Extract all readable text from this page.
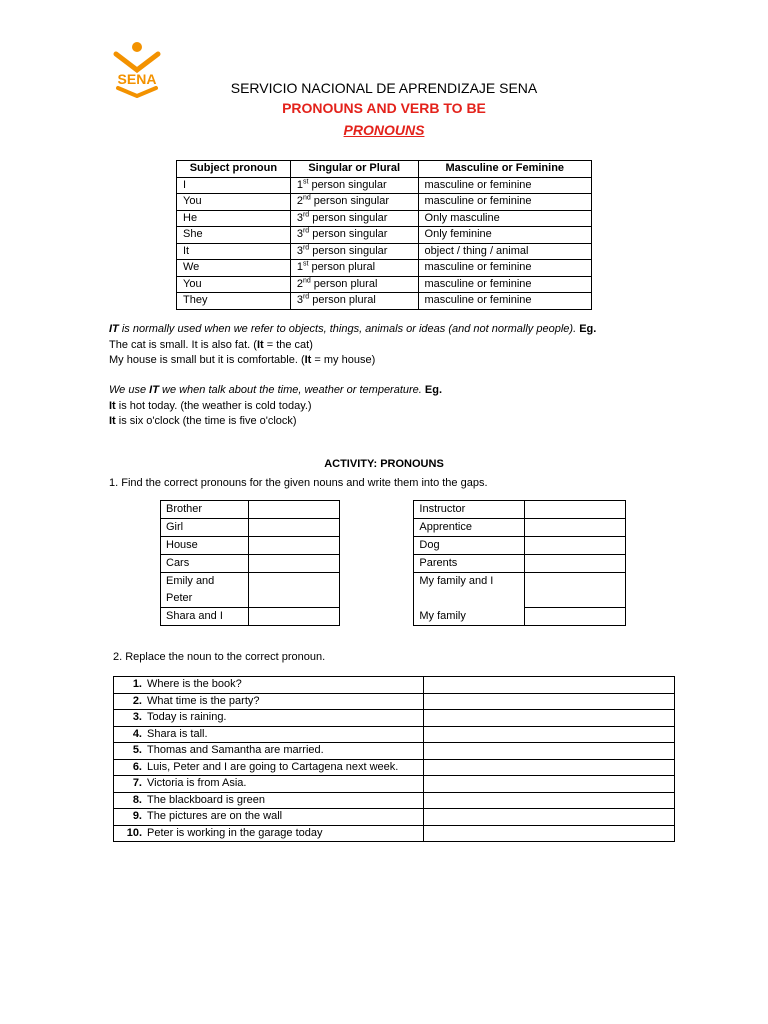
SENA
SERVICIO NACIONAL DE APRENDIZAJE SENA
PRONOUNS AND VERB TO BE
PRONOUNS
Subject pronoun	Singular or Plural	Masculine or Feminine
I	1st person singular	masculine or feminine
You	2nd person singular	masculine or feminine
He	3rd person singular	Only masculine
She	3rd person singular	Only feminine
It	3rd person singular	object / thing / animal
We	1st person plural	masculine or feminine
You	2nd person plural	masculine or feminine
They	3rd person plural	masculine or feminine
IT is normally used when we refer to objects, things, animals or ideas (and not normally people). Eg.
The cat is small. It is also fat. (It = the cat)
My house is small but it is comfortable. (It = my house)
We use IT we when talk about the time, weather or temperature. Eg.
It is hot today. (the weather is cold today.)
It is six o'clock (the time is five o'clock)
ACTIVITY: PRONOUNS
1. Find the correct pronouns for the given nouns and write them into the gaps.
Brother			Instructor	
Girl			Apprentice	
House			Dog	
Cars			Parents	

Emily and
Peter			My family and I	
Shara and I			My family	
2. Replace the noun to the correct pronoun.
1. Where is the book?	
2. What time is the party?	
3. Today is raining.	
4. Shara is tall.	
5. Thomas and Samantha are married.	
6. Luis, Peter and I are going to Cartagena next week.	
7. Victoria is from Asia.	
8. The blackboard is green	
9. The pictures are on the wall	
10. Peter is working in the garage today	
